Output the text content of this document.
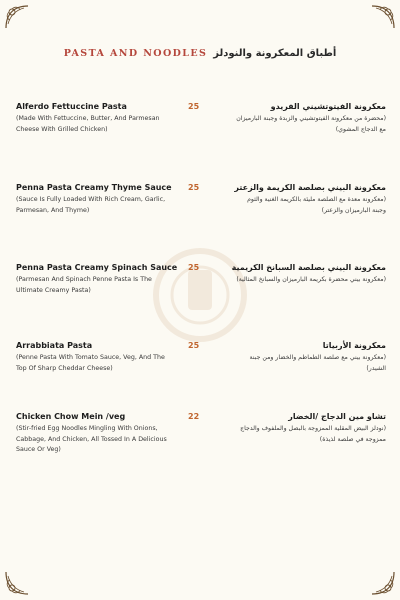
PASTA AND NOODLES أطباق المعكرونة والنودلز
Alferdo Fettuccine Pasta
(Made With Fettuccine, Butter, And Parmesan Cheese With Grilled Chicken)
25	معكرونة الفيتوتشيني الفريدو
(محضرة من معكرونة الفيتوتشيني والزبدة وجبنة البارميزان مع الدجاج المشوي)
Penna Pasta Creamy Thyme Sauce
(Sauce Is Fully Loaded With Rich Cream, Garlic, Parmesan, And Thyme)
25	معكرونة البيني بصلصة الكريمة والزعتر
(معكرونة معدة مع الصلصة مليئة بالكريمة الغنية والثوم وجبنة البارميزان والزعتر)
Penna Pasta Creamy Spinach Sauce
(Parmesan And Spinach Penne Pasta Is The Ultimate Creamy Pasta)
25	معكرونة البيني بصلصة السبانخ الكريمية
(معكرونة بيني محضرة بكريمة البارميزان والسبانخ المثالية)
Arrabbiata Pasta
(Penne Pasta With Tomato Sauce, Veg, And The Top Of Sharp Cheddar Cheese)
25	معكرونة الأربياتا
(معكرونة بيني مع صلصة الطماطم والخضار ومن جبنة الشيدر)
Chicken Chow Mein /veg
(Stir-fried Egg Noodles Mingling With Onions, Cabbage, And Chicken, All Tossed In A Delicious Sauce Or Veg)
22	تشاو مين الدجاج /الخضار
(نودلز البيض المقلية الممزوجة بالبصل والملفوف والدجاج ممزوجة في صلصة لذيذة)
